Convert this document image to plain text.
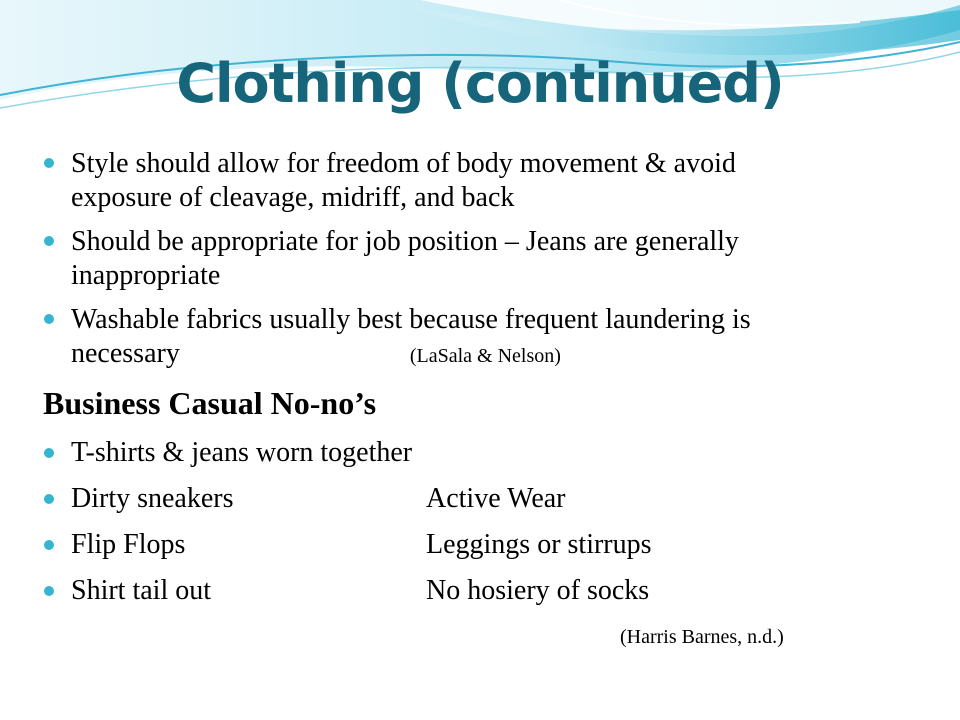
Clothing (continued)
Style should allow for freedom of body movement & avoid
exposure of cleavage, midriff, and back
Should be appropriate for job position – Jeans are generally
inappropriate
Washable fabrics usually best because frequent laundering is
necessary	(LaSala & Nelson)
Business Casual No-no’s
T-shirts & jeans worn together
Dirty sneakers	Active Wear
Flip Flops	Leggings or stirrups
Shirt tail out	No hosiery of socks
(Harris Barnes, n.d.)
